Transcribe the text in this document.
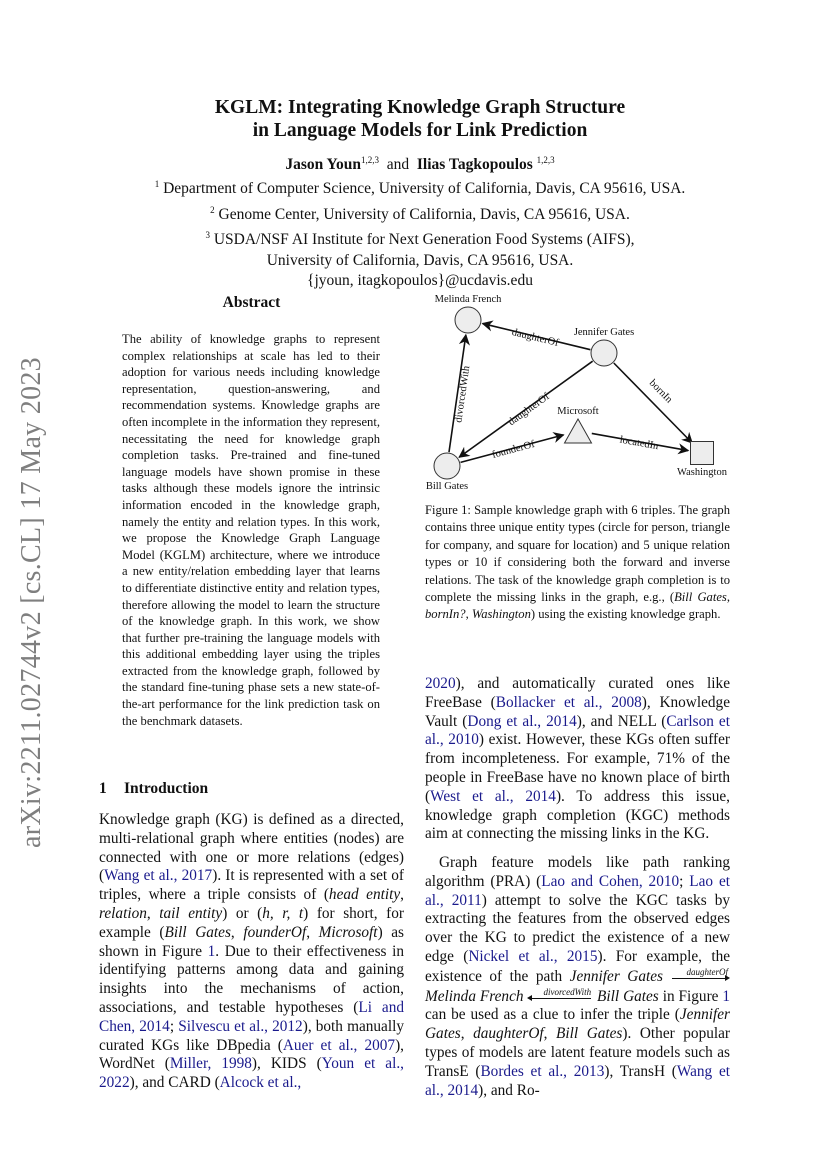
arXiv:2211.02744v2 [cs.CL] 17 May 2023
KGLM: Integrating Knowledge Graph Structure
in Language Models for Link Prediction
Jason Youn$^{1,2,3}$ and Ilias Tagkopoulos $^{1,2,3}$
$^1$ Department of Computer Science, University of California, Davis, CA 95616, USA.
$^2$ Genome Center, University of California, Davis, CA 95616, USA.
$^3$ USDA/NSF AI Institute for Next Generation Food Systems (AIFS),
University of California, Davis, CA 95616, USA.
{jyoun, itagkopoulos}@ucdavis.edu
Abstract
The ability of knowledge graphs to represent complex relationships at scale has led to their adoption for various needs including knowledge representation, question-answering, and recommendation systems. Knowledge graphs are often incomplete in the information they represent, necessitating the need for knowledge graph completion tasks. Pre-trained and fine-tuned language models have shown promise in these tasks although these models ignore the intrinsic information encoded in the knowledge graph, namely the entity and relation types. In this work, we propose the Knowledge Graph Language Model (KGLM) architecture, where we introduce a new entity/relation embedding layer that learns to differentiate distinctive entity and relation types, therefore allowing the model to learn the structure of the knowledge graph. In this work, we show that further pre-training the language models with this additional embedding layer using the triples extracted from the knowledge graph, followed by the standard fine-tuning phase sets a new state-of-the-art performance for the link prediction task on the benchmark datasets.
1 Introduction
Knowledge graph (KG) is defined as a directed, multi-relational graph where entities (nodes) are connected with one or more relations (edges) (Wang et al., 2017). It is represented with a set of triples, where a triple consists of (head entity, relation, tail entity) or (h, r, t) for short, for example (Bill Gates, founderOf, Microsoft) as shown in Figure 1. Due to their effectiveness in identifying patterns among data and gaining insights into the mechanisms of action, associations, and testable hypotheses (Li and Chen, 2014; Silvescu et al., 2012), both manually curated KGs like DBpedia (Auer et al., 2007), WordNet (Miller, 1998), KIDS (Youn et al., 2022), and CARD (Alcock et al.,
daughterOf
daughterOf
divorcedWith
founderOf	locatedIn
bornIn
Melinda French
Jennifer Gates
Bill Gates
Microsoft
Washington
Figure 1: Sample knowledge graph with 6 triples. The graph contains three unique entity types (circle for person, triangle for company, and square for location) and 5 unique relation types or 10 if considering both the forward and inverse relations. The task of the knowledge graph completion is to complete the missing links in the graph, e.g., (Bill Gates, bornIn?, Washington) using the existing knowledge graph.
2020), and automatically curated ones like FreeBase (Bollacker et al., 2008), Knowledge Vault (Dong et al., 2014), and NELL (Carlson et al., 2010) exist. However, these KGs often suffer from incompleteness. For example, 71% of the people in FreeBase have no known place of birth (West et al., 2014). To address this issue, knowledge graph completion (KGC) methods aim at connecting the missing links in the KG.
Graph feature models like path ranking algorithm (PRA) (Lao and Cohen, 2010; Lao et al., 2011) attempt to solve the KGC tasks by extracting the features from the observed edges over the KG to predict the existence of a new edge (Nickel et al., 2015). For example, the existence of the path Jennifer Gates	daughterOf
Melinda French	divorcedWith Bill Gates in Figure 1 can be used as a clue to infer the triple (Jennifer Gates, daughterOf, Bill Gates). Other popular types of models are latent feature models such as TransE (Bordes et al., 2013), TransH (Wang et al., 2014), and Ro-
